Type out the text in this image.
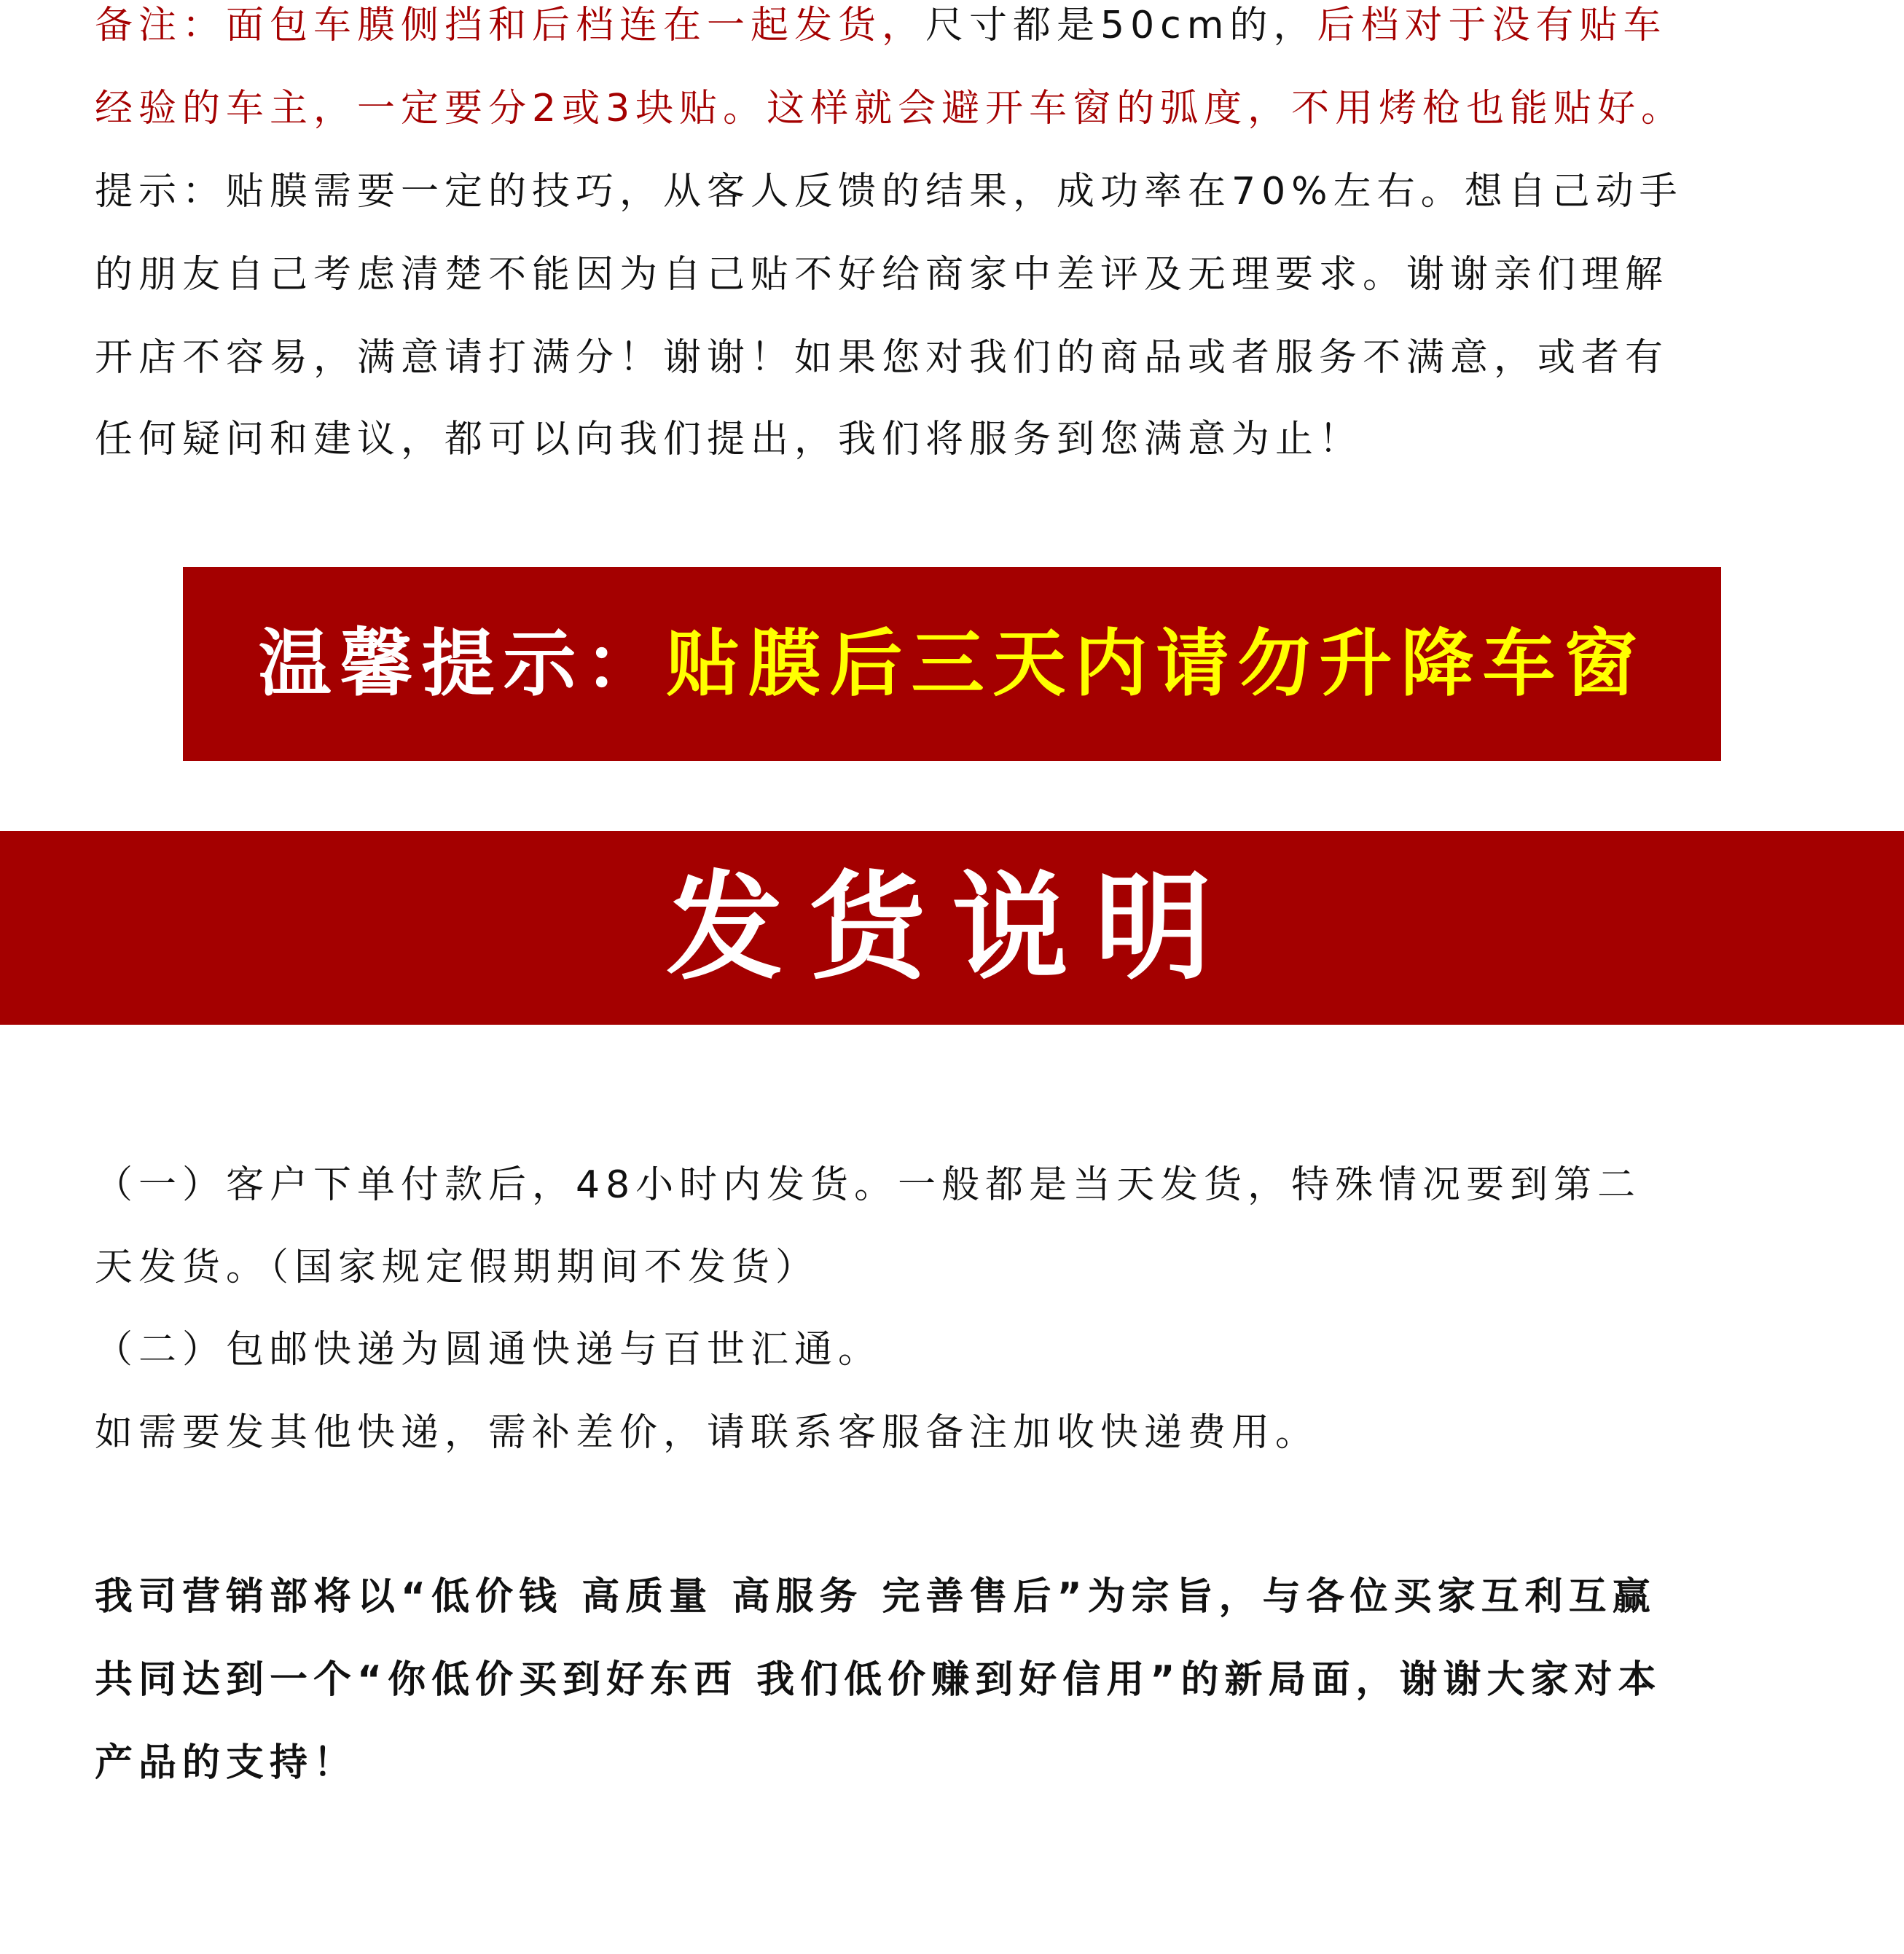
备注：面包车膜侧挡和后档连在一起发货，尺寸都是50cm的，后档对于没有贴车
经验的车主，一定要分2或3块贴。这样就会避开车窗的弧度，不用烤枪也能贴好。
提示：贴膜需要一定的技巧，从客人反馈的结果，成功率在70%左右。想自己动手
的朋友自己考虑清楚不能因为自己贴不好给商家中差评及无理要求。谢谢亲们理解
开店不容易，满意请打满分！谢谢！如果您对我们的商品或者服务不满意，或者有
任何疑问和建议，都可以向我们提出，我们将服务到您满意为止！
温馨提示：贴膜后三天内请勿升降车窗
发货说明
（一）客户下单付款后，48小时内发货。一般都是当天发货，特殊情况要到第二
天发货。（国家规定假期期间不发货）
（二）包邮快递为圆通快递与百世汇通。
如需要发其他快递，需补差价，请联系客服备注加收快递费用。
我司营销部将以“低价钱 高质量 高服务 完善售后”为宗旨，与各位买家互利互赢
共同达到一个“你低价买到好东西 我们低价赚到好信用”的新局面，谢谢大家对本
产品的支持！
